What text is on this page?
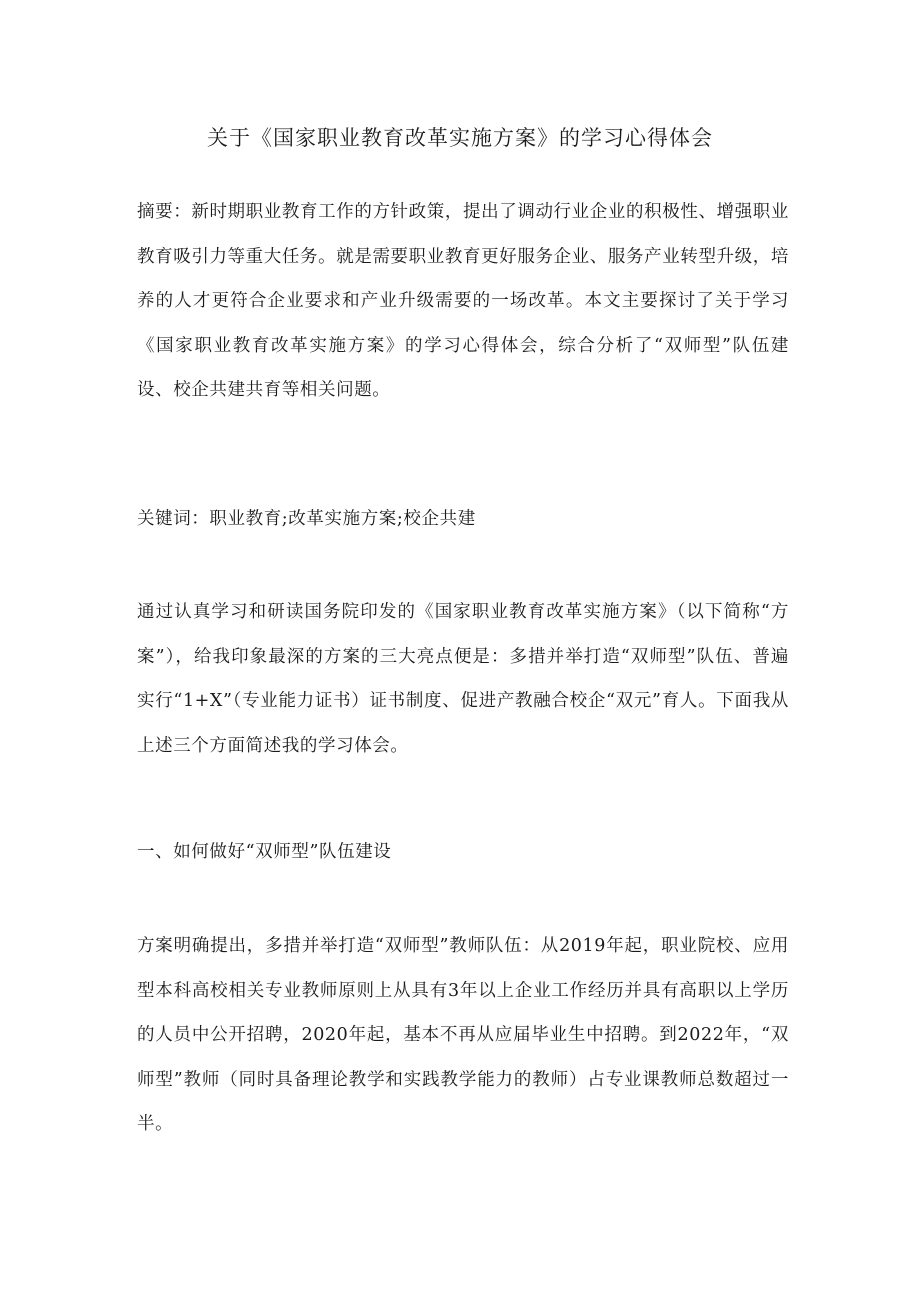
关于《国家职业教育改革实施方案》的学习心得体会

摘要：新时期职业教育工作的方针政策，提出了调动行业企业的积极性、增强职业教育吸引力等重大任务。就是需要职业教育更好服务企业、服务产业转型升级，培养的人才更符合企业要求和产业升级需要的一场改革。本文主要探讨了关于学习《国家职业教育改革实施方案》的学习心得体会，综合分析了“双师型”队伍建设、校企共建共育等相关问题。

关键词：职业教育;改革实施方案;校企共建

通过认真学习和研读国务院印发的《国家职业教育改革实施方案》（以下简称“方案”），给我印象最深的方案的三大亮点便是：多措并举打造“双师型”队伍、普遍实行“1+X”（专业能力证书）证书制度、促进产教融合校企“双元”育人。下面我从上述三个方面简述我的学习体会。

一、如何做好“双师型”队伍建设

方案明确提出，多措并举打造“双师型”教师队伍：从2019年起，职业院校、应用型本科高校相关专业教师原则上从具有3年以上企业工作经历并具有高职以上学历的人员中公开招聘，2020年起，基本不再从应届毕业生中招聘。到2022年，“双师型”教师（同时具备理论教学和实践教学能力的教师）占专业课教师总数超过一半。
